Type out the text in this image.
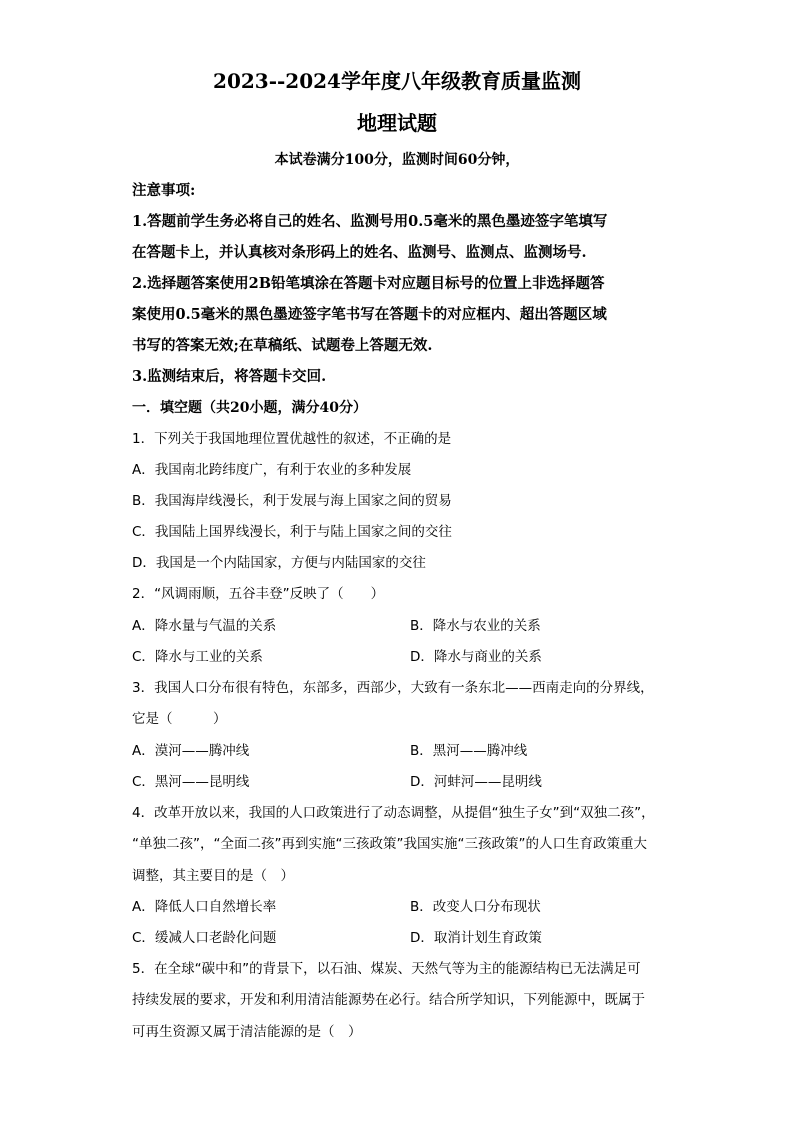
2023--2024学年度八年级教育质量监测
地理试题
本试卷满分100分，监测时间60分钟，
注意事项:
1.答题前学生务必将自己的姓名、监测号用0.5毫米的黑色墨迹签字笔填写
在答题卡上，并认真核对条形码上的姓名、监测号、监测点、监测场号.
2.选择题答案使用2B铅笔填涂在答题卡对应题目标号的位置上非选择题答
案使用0.5毫米的黑色墨迹签字笔书写在答题卡的对应框内、超出答题区域
书写的答案无效;在草稿纸、试题卷上答题无效.
3.监测结束后，将答题卡交回.
一．填空题（共20小题，满分40分）
1．下列关于我国地理位置优越性的叙述，不正确的是
A．我国南北跨纬度广，有利于农业的多种发展
B．我国海岸线漫长，利于发展与海上国家之间的贸易
C．我国陆上国界线漫长，利于与陆上国家之间的交往
D．我国是一个内陆国家，方便与内陆国家的交往
2．“风调雨顺，五谷丰登”反映了（　　）
A．降水量与气温的关系	B．降水与农业的关系
C．降水与工业的关系	D．降水与商业的关系
3．我国人口分布很有特色，东部多，西部少，大致有一条东北——西南走向的分界线，
它是（　　　）
A．漠河——腾冲线	B．黑河——腾冲线
C．黑河——昆明线	D．河蚌河——昆明线
4．改革开放以来，我国的人口政策进行了动态调整，从提倡“独生子女”到“双独二孩”，
“单独二孩”，“全面二孩”再到实施“三孩政策”我国实施“三孩政策”的人口生育政策重大
调整，其主要目的是（　）
A．降低人口自然增长率	B．改变人口分布现状
C．缓减人口老龄化问题	D．取消计划生育政策
5．在全球“碳中和”的背景下，以石油、煤炭、天然气等为主的能源结构已无法满足可
持续发展的要求，开发和利用清洁能源势在必行。结合所学知识，下列能源中，既属于
可再生资源又属于清洁能源的是（　）
